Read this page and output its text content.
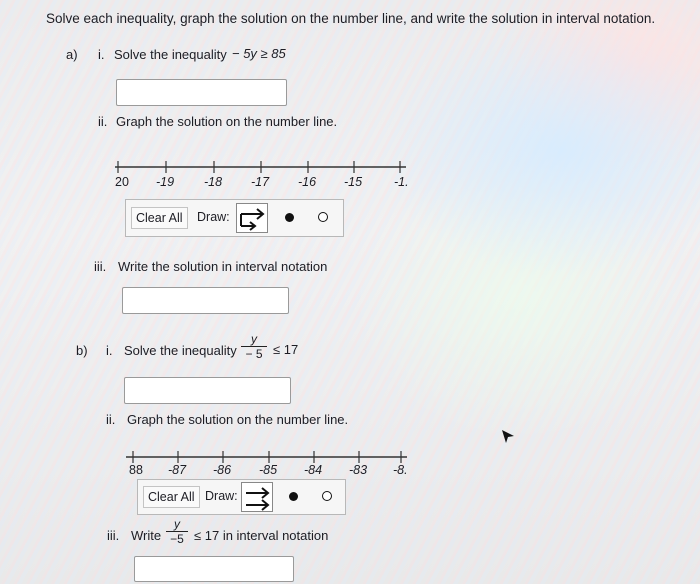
Solve each inequality, graph the solution on the number line, and write the solution in interval notation.
a) i. Solve the inequality − 5y ≥ 85
ii. Graph the solution on the number line.
20 -19 -18 -17 -16 -15	-1.
Clear All	Draw:
iii. Write the solution in interval notation
b) i. Solve the inequality
y
− 5 ≤ 17
ii. Graph the solution on the number line.
88 -87 -86 -85 -84 -83 -8.
Clear All Draw:
iii. Write
y
−5 ≤ 17 in interval notation
